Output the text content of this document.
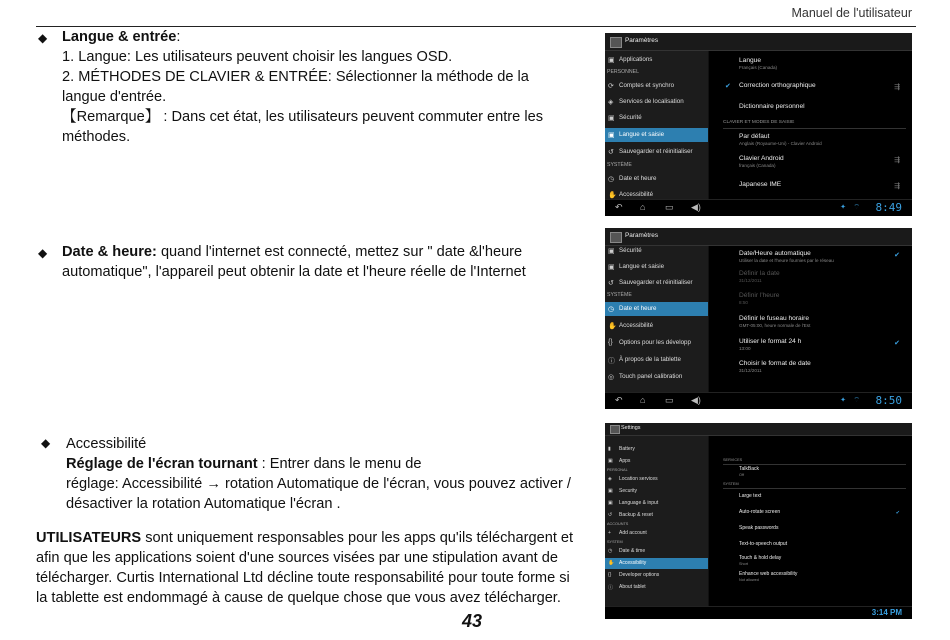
Manuel de l'utilisateur
◆ Langue & entrée:
1. Langue: Les utilisateurs peuvent choisir les langues OSD.
2. MÉTHODES DE CLAVIER & ENTRÉE: Sélectionner la méthode de la
langue d'entrée.
【Remarque】 : Dans cet état, les utilisateurs peuvent commuter entre les
méthodes.
◆ Date & heure: quand l'internet est connecté, mettez sur " date &l'heure
automatique", l'appareil peut obtenir la date et l'heure réelle de l'Internet
◆ Accessibilité
Réglage de l'écran tournant : Entrer dans le menu de
réglage: Accessibilité → rotation Automatique de l'écran, vous pouvez activer /
désactiver la rotation Automatique l'écran .
UTILISATEURS sont uniquement responsables pour les apps qu'ils téléchargent et
afin que les applications soient d'une sources visées par une stipulation avant de
télécharger. Curtis International Ltd décline toute responsabilité pour toute forme si
la tablette est endommagé à cause de quelque chose que vous avez télécharger.
43
Paramètres
▣ Applications
PERSONNEL
⟳ Comptes et synchro
◈ Services de localisation
▣ Sécurité
▣ Langue et saisie
↺ Sauvegarder et réinitialiser
SYSTÈME
◷ Date et heure
✋ Accessibilité
Langue
Français (Canada)
✔ Correction orthographique	⇶
Dictionnaire personnel
CLAVIER ET MODES DE SAISIE
Par défaut
Anglais (Royaume-Uni) - Clavier Android
Clavier Android
français (Canada)
⇶
Japanese IME	⇶
↶ ⌂ ▭ ◀)	✦ ⌔ 8:49
Paramètres
▣ Sécurité
▣ Langue et saisie
↺ Sauvegarder et réinitialiser
SYSTÈME
◷ Date et heure
✋ Accessibilité
{} Options pour les développ
ⓘ À propos de la tablette
◎ Touch panel calibration
Date/Heure automatique
Utiliser la date et l'heure fournies par le réseau
✔
Définir la date
31/12/2011
Définir l'heure
8:50
Définir le fuseau horaire
GMT-05:00, heure normale de l'Est
Utiliser le format 24 h
13:00
✔
Choisir le format de date
31/12/2011
↶ ⌂ ▭ ◀)	✦ ⌔ 8:50
Settings
▮ Battery
▣ Apps
PERSONAL
◈ Location services
▣ Security
▣ Language & input
↺ Backup & reset
ACCOUNTS
+ Add account
SYSTEM
◷ Date & time
✋ Accessibility
{} Developer options
ⓘ About tablet
SERVICES
TalkBack
Off
SYSTEM
Large text
Auto-rotate screen	✔
Speak passwords
Text-to-speech output
Touch & hold delay
Short
Enhance web accessibility
Not allowed
3:14 PM
